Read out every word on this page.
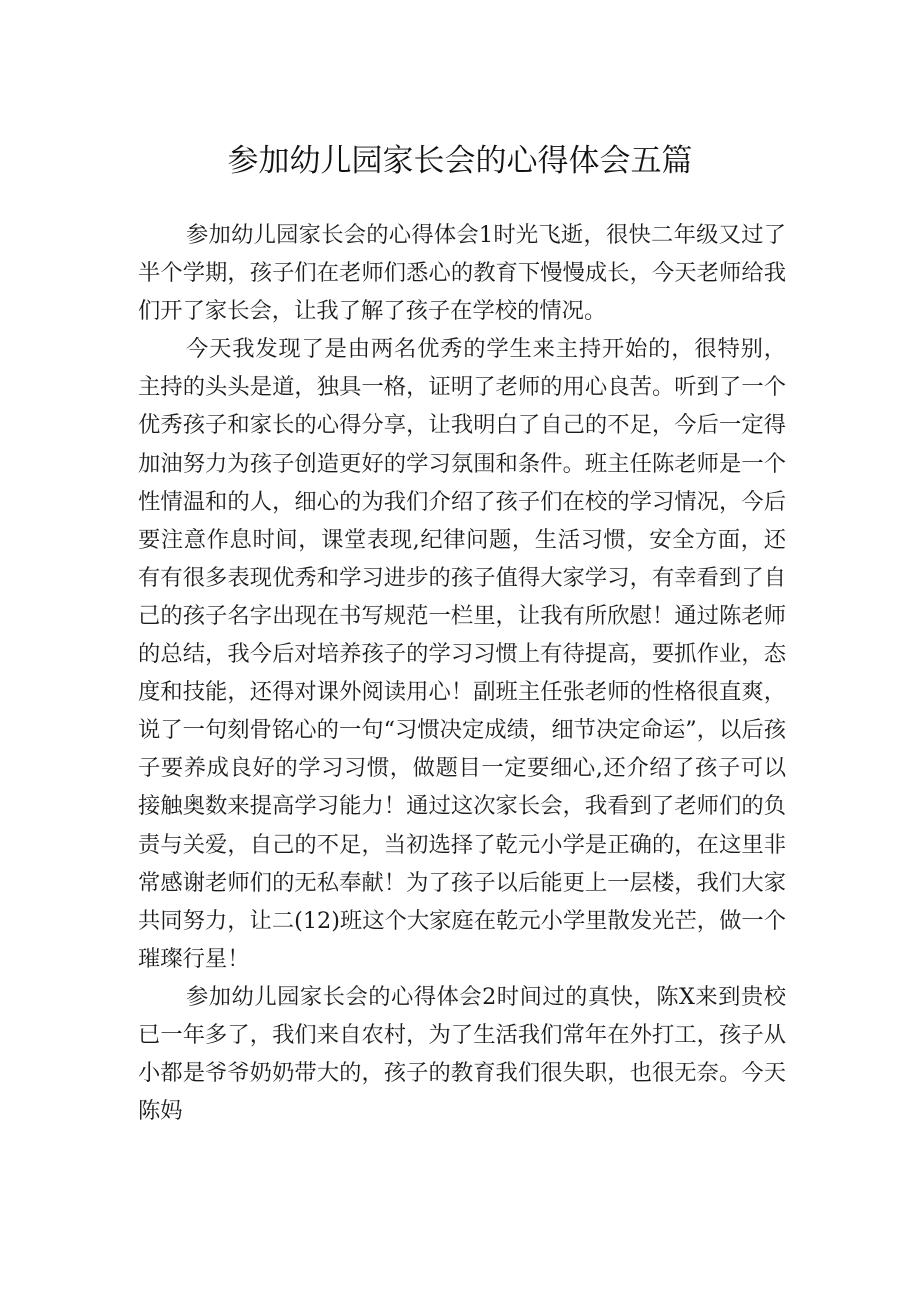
参加幼儿园家长会的心得体会五篇

参加幼儿园家长会的心得体会1时光飞逝，很快二年级又过了半个学期，孩子们在老师们悉心的教育下慢慢成长，今天老师给我们开了家长会，让我了解了孩子在学校的情况。

今天我发现了是由两名优秀的学生来主持开始的，很特别，主持的头头是道，独具一格，证明了老师的用心良苦。听到了一个优秀孩子和家长的心得分享，让我明白了自己的不足，今后一定得加油努力为孩子创造更好的学习氛围和条件。班主任陈老师是一个性情温和的人，细心的为我们介绍了孩子们在校的学习情况，今后要注意作息时间，课堂表现,纪律问题，生活习惯，安全方面，还有有很多表现优秀和学习进步的孩子值得大家学习，有幸看到了自己的孩子名字出现在书写规范一栏里，让我有所欣慰！通过陈老师的总结，我今后对培养孩子的学习习惯上有待提高，要抓作业，态度和技能，还得对课外阅读用心！副班主任张老师的性格很直爽，说了一句刻骨铭心的一句“习惯决定成绩，细节决定命运”，以后孩子要养成良好的学习习惯，做题目一定要细心,还介绍了孩子可以接触奥数来提高学习能力！通过这次家长会，我看到了老师们的负责与关爱，自己的不足，当初选择了乾元小学是正确的，在这里非常感谢老师们的无私奉献！为了孩子以后能更上一层楼，我们大家共同努力，让二(12)班这个大家庭在乾元小学里散发光芒，做一个璀璨行星！

参加幼儿园家长会的心得体会2时间过的真快，陈X来到贵校已一年多了，我们来自农村，为了生活我们常年在外打工，孩子从小都是爷爷奶奶带大的，孩子的教育我们很失职，也很无奈。今天陈妈
